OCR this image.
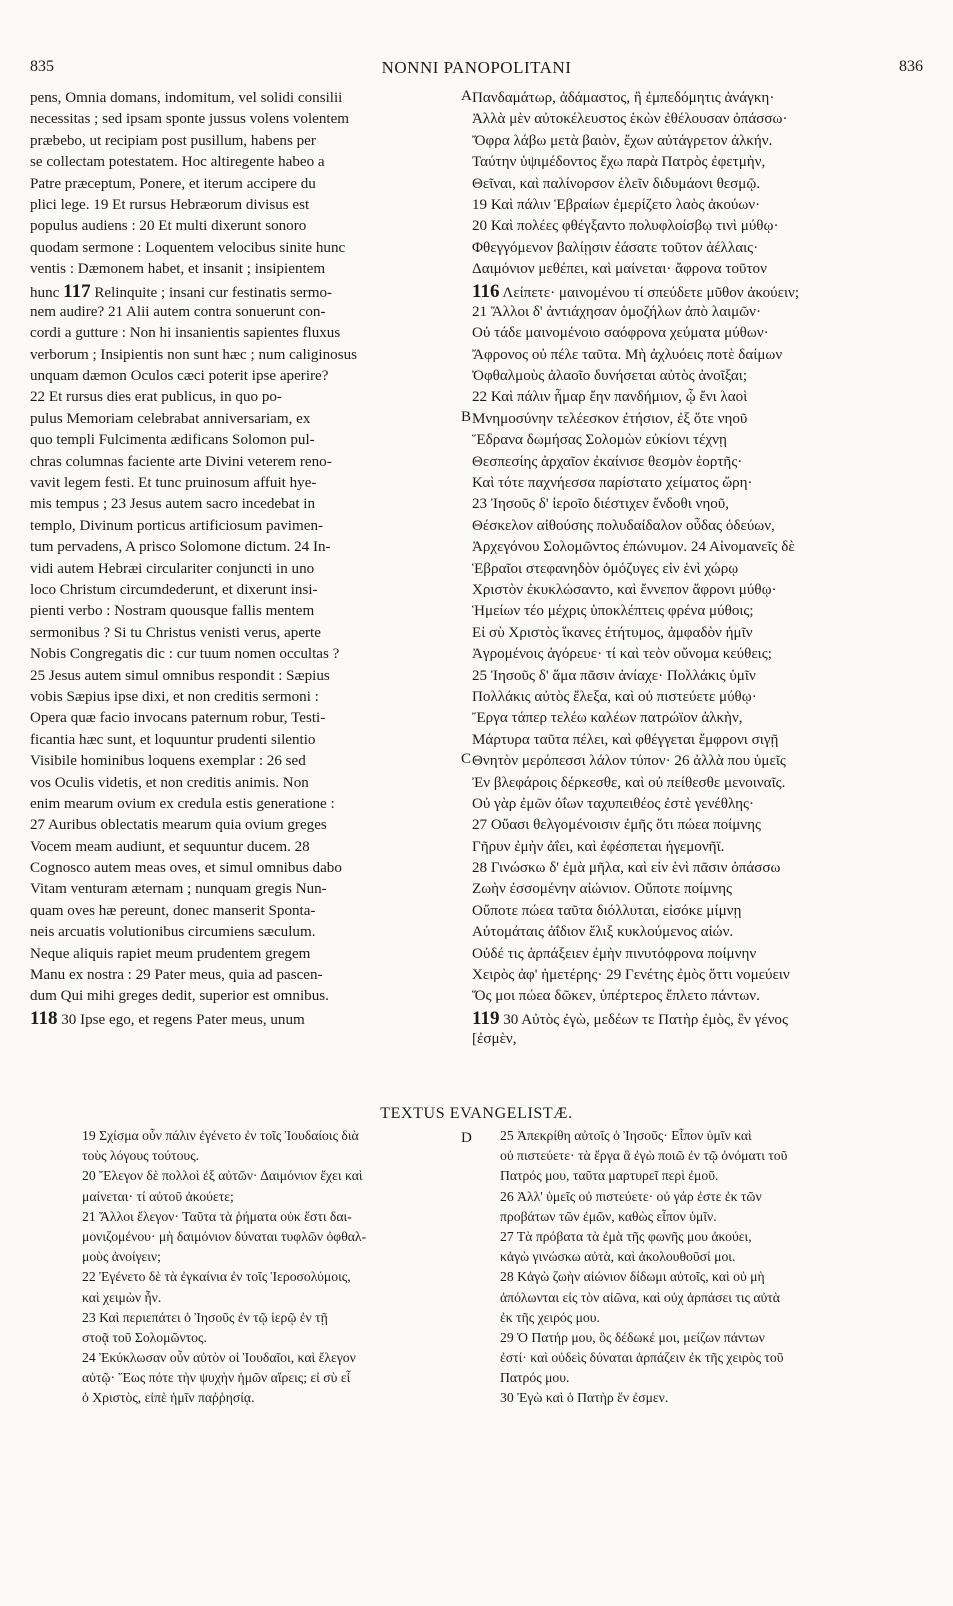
835	NONNI PANOPOLITANI	836
pens, Omnia domans, indomitum, vel solidi consilii
necessitas ; sed ipsam sponte jussus volens volentem
præbebo, ut recipiam post pusillum, habens per
se collectam potestatem. Hoc altiregente habeo a
Patre præceptum, Ponere, et iterum accipere du
plici lege. 19 Et rursus Hebræorum divisus est
populus audiens : 20 Et multi dixerunt sonoro
quodam sermone : Loquentem velocibus sinite hunc
ventis : Dæmonem habet, et insanit ; insipientem
hunc 117 Relinquite ; insani cur festinatis sermo-
nem audire? 21 Alii autem contra sonuerunt con-
cordi a gutture : Non hi insanientis sapientes fluxus
verborum ; Insipientis non sunt hæc ; num caliginosus
unquam dæmon Oculos cæci poterit ipse aperire?
22 Et rursus dies erat publicus, in quo po-
pulus Memoriam celebrabat anniversariam, ex
quo templi Fulcimenta ædificans Solomon pul-
chras columnas faciente arte Divini veterem reno-
vavit legem festi. Et tunc pruinosum affuit hye-
mis tempus ; 23 Jesus autem sacro incedebat in
templo, Divinum porticus artificiosum pavimen-
tum pervadens, A prisco Solomone dictum. 24 In-
vidi autem Hebræi circulariter conjuncti in uno
loco Christum circumdederunt, et dixerunt insi-
pienti verbo : Nostram quousque fallis mentem
sermonibus ? Si tu Christus venisti verus, aperte
Nobis Congregatis dic : cur tuum nomen occultas ?
25 Jesus autem simul omnibus respondit : Sæpius
vobis Sæpius ipse dixi, et non creditis sermoni :
Opera quæ facio invocans paternum robur, Testi-
ficantia hæc sunt, et loquuntur prudenti silentio
Visibile hominibus loquens exemplar : 26 sed
vos Oculis videtis, et non creditis animis. Non
enim mearum ovium ex credula estis generatione :
27 Auribus oblectatis mearum quia ovium greges
Vocem meam audiunt, et sequuntur ducem. 28
Cognosco autem meas oves, et simul omnibus dabo
Vitam venturam æternam ; nunquam gregis Nun-
quam oves hæ pereunt, donec manserit Sponta-
neis arcuatis volutionibus circumiens sæculum.
Neque aliquis rapiet meum prudentem gregem
Manu ex nostra : 29 Pater meus, quia ad pascen-
dum Qui mihi greges dedit, superior est omnibus.
118 30 Ipse ego, et regens Pater meus, unum
Πανδαμάτωρ, ἀδάμαστος, ἢ ἐμπεδόμητις ἀνάγκη·
Ἀλλὰ μὲν αὐτοκέλευστος ἑκὼν ἐθέλουσαν ὀπάσσω·
Ὄφρα λάβω μετὰ βαιὸν, ἔχων αὐτάγρετον ἀλκήν.
Ταύτην ὑψιμέδοντος ἔχω παρὰ Πατρὸς ἐφετμὴν,
Θεῖναι, καὶ παλίνορσον ἑλεῖν διδυμάονι θεσμῷ.
19 Καὶ πάλιν Ἑβραίων ἐμερίζετο λαὸς ἀκούων·
20 Καὶ πολέες φθέγξαντο πολυφλοίσβῳ τινὶ μύθῳ·
Φθεγγόμενον βαλίῃσιν ἐάσατε τοῦτον ἀέλλαις·
Δαιμόνιον μεθέπει, καὶ μαίνεται· ἄφρονα τοῦτον
116 Λείπετε· μαινομένου τί σπεύδετε μῦθον ἀκούειν;
21 Ἄλλοι δ' ἀντιάχησαν ὁμοζήλων ἀπὸ λαιμῶν·
Οὐ τάδε μαινομένοιο σαόφρονα χεύματα μύθων·
Ἄφρονος οὐ πέλε ταῦτα. Μὴ ἀχλυόεις ποτὲ δαίμων
Ὀφθαλμοὺς ἀλαοῖο δυνήσεται αὐτὸς ἀνοῖξαι;
22 Καὶ πάλιν ἦμαρ ἔην πανδήμιον, ᾧ ἔνι λαοὶ
Μνημοσύνην τελέεσκον ἐτήσιον, ἐξ ὅτε νηοῦ
Ἕδρανα δωμήσας Σολομὼν εὐκίονι τέχνῃ
Θεσπεσίης ἀρχαῖον ἐκαίνισε θεσμὸν ἑορτῆς·
Καὶ τότε παχνήεσσα παρίστατο χείματος ὥρη·
23 Ἰησοῦς δ' ἱεροῖο διέστιχεν ἔνδοθι νηοῦ,
Θέσκελον αἰθούσης πολυδαίδαλον οὖδας ὁδεύων,
Ἀρχεγόνου Σολομῶντος ἐπώνυμον. 24 Αἰνομανεῖς δὲ
Ἑβραῖοι στεφανηδὸν ὁμόζυγες εἰν ἑνὶ χώρῳ
Χριστὸν ἐκυκλώσαντο, καὶ ἔννεπον ἄφρονι μύθῳ·
Ἡμείων τέο μέχρις ὑποκλέπτεις φρένα μύθοις;
Εἰ σὺ Χριστὸς ἵκανες ἐτήτυμος, ἀμφαδὸν ἡμῖν
Ἀγρομένοις ἀγόρευε· τί καὶ τεὸν οὔνομα κεύθεις;
25 Ἰησοῦς δ' ἅμα πᾶσιν ἀνίαχε· Πολλάκις ὑμῖν
Πολλάκις αὐτὸς ἔλεξα, καὶ οὐ πιστεύετε μύθῳ·
Ἔργα τάπερ τελέω καλέων πατρώϊον ἀλκὴν,
Μάρτυρα ταῦτα πέλει, καὶ φθέγγεται ἔμφρονι σιγῇ
Θνητὸν μερόπεσσι λάλον τύπον· 26 ἀλλὰ που ὑμεῖς
Ἐν βλεφάροις δέρκεσθε, καὶ οὐ πείθεσθε μενοιναῖς.
Οὐ γὰρ ἐμῶν ὀΐων ταχυπειθέος ἐστὲ γενέθλης·
27 Οὔασι θελγομένοισιν ἐμῆς ὅτι πώεα ποίμνης
Γῆρυν ἐμὴν ἀΐει, καὶ ἐφέσπεται ἡγεμονῆϊ.
28 Γινώσκω δ' ἐμὰ μῆλα, καὶ εἰν ἑνὶ πᾶσιν ὀπάσσω
Ζωὴν ἐσσομένην αἰώνιον. Οὔποτε ποίμνης
Οὔποτε πώεα ταῦτα διόλλυται, εἰσόκε μίμνῃ
Αὐτομάταις ἀΐδιον ἕλιξ κυκλούμενος αἰών.
Οὐδέ τις ἁρπάξειεν ἐμὴν πινυτόφρονα ποίμνην
Χειρὸς ἀφ' ἡμετέρης· 29 Γενέτης ἐμὸς ὅττι νομεύειν
Ὅς μοι πώεα δῶκεν, ὑπέρτερος ἔπλετο πάντων.
119 30 Αὐτὸς ἐγὼ, μεδέων τε Πατὴρ ἐμὸς, ἓν γένος
[ἐσμὲν,
A
B
C
D
TEXTUS EVANGELISTÆ.
19 Σχίσμα οὖν πάλιν ἐγένετο ἐν τοῖς Ἰουδαίοις διὰ
τοὺς λόγους τούτους.
20 Ἔλεγον δὲ πολλοὶ ἐξ αὐτῶν· Δαιμόνιον ἔχει καὶ
μαίνεται· τί αὐτοῦ ἀκούετε;
21 Ἄλλοι ἔλεγον· Ταῦτα τὰ ῥήματα οὐκ ἔστι δαι-
μονιζομένου· μὴ δαιμόνιον δύναται τυφλῶν ὀφθαλ-
μοὺς ἀνοίγειν;
22 Ἐγένετο δὲ τὰ ἐγκαίνια ἐν τοῖς Ἱεροσολύμοις,
καὶ χειμὼν ἦν.
23 Καὶ περιεπάτει ὁ Ἰησοῦς ἐν τῷ ἱερῷ ἐν τῇ
στοᾷ τοῦ Σολομῶντος.
24 Ἐκύκλωσαν οὖν αὐτὸν οἱ Ἰουδαῖοι, καὶ ἔλεγον
αὐτῷ· Ἕως πότε τὴν ψυχὴν ἡμῶν αἴρεις; εἰ σὺ εἶ
ὁ Χριστὸς, εἰπὲ ἡμῖν παῤῥησίᾳ.
25 Ἀπεκρίθη αὐτοῖς ὁ Ἰησοῦς· Εἶπον ὑμῖν καὶ
οὐ πιστεύετε· τὰ ἔργα ἃ ἐγὼ ποιῶ ἐν τῷ ὀνόματι τοῦ
Πατρός μου, ταῦτα μαρτυρεῖ περὶ ἐμοῦ.
26 Ἀλλ' ὑμεῖς οὐ πιστεύετε· οὐ γάρ ἐστε ἐκ τῶν
προβάτων τῶν ἐμῶν, καθὼς εἶπον ὑμῖν.
27 Τὰ πρόβατα τὰ ἐμὰ τῆς φωνῆς μου ἀκούει,
κἀγὼ γινώσκω αὐτὰ, καὶ ἀκολουθοῦσί μοι.
28 Κἀγὼ ζωὴν αἰώνιον δίδωμι αὐτοῖς, καὶ οὐ μὴ
ἀπόλωνται εἰς τὸν αἰῶνα, καὶ οὐχ ἁρπάσει τις αὐτὰ
ἐκ τῆς χειρός μου.
29 Ὁ Πατήρ μου, ὃς δέδωκέ μοι, μείζων πάντων
ἐστί· καὶ οὐδεὶς δύναται ἁρπάζειν ἐκ τῆς χειρὸς τοῦ
Πατρός μου.
30 Ἐγὼ καὶ ὁ Πατὴρ ἕν ἐσμεν.
